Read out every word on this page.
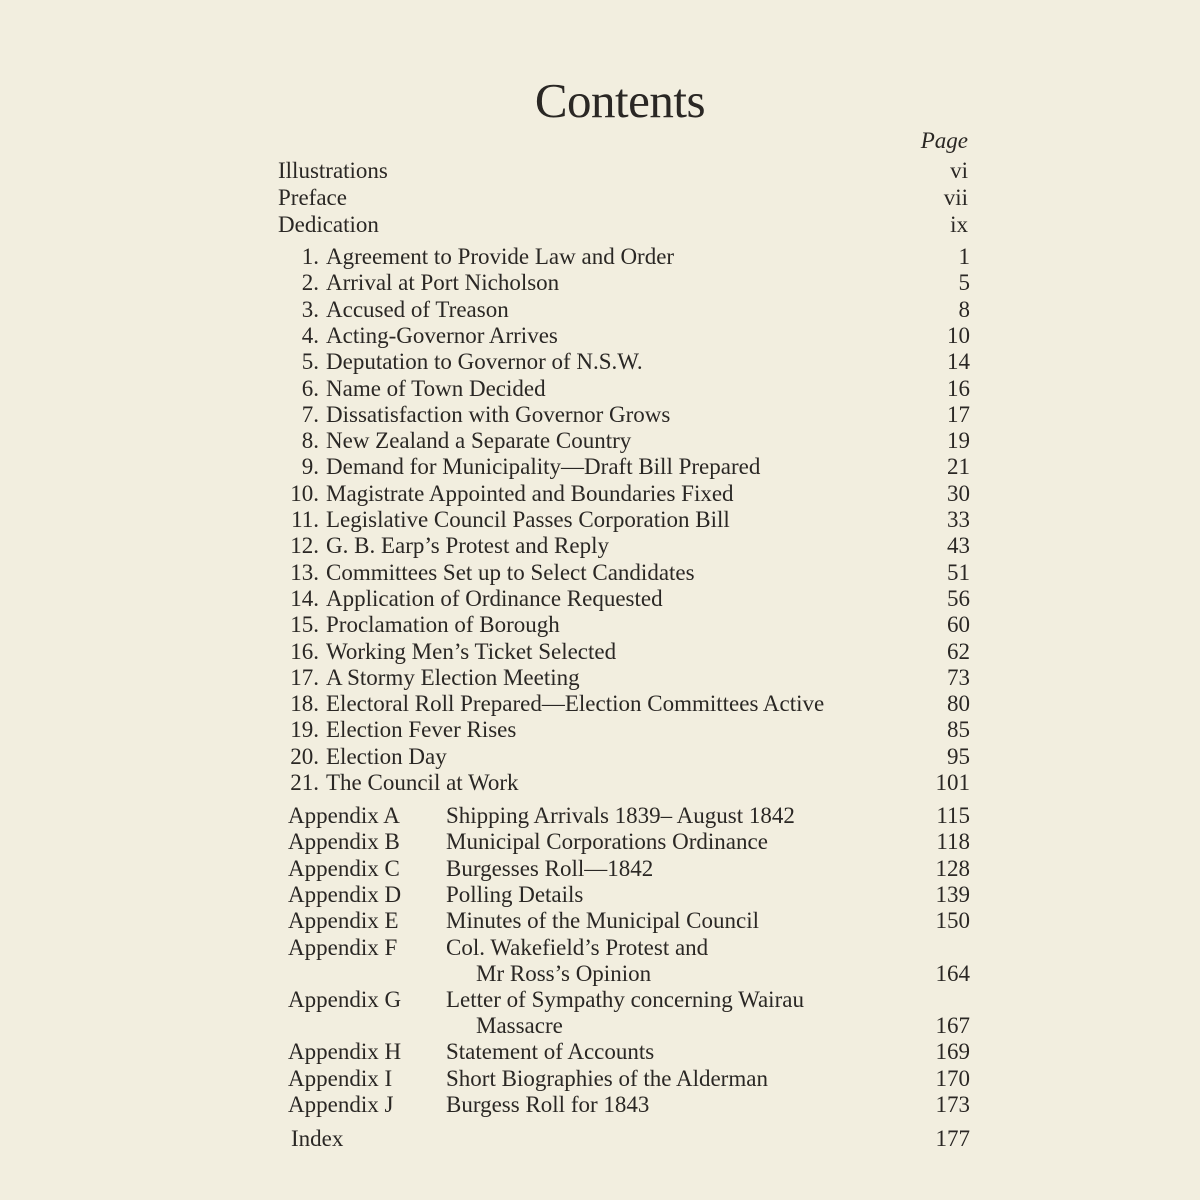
Contents
Page
Illustrations	vi
Preface	vii
Dedication	ix
1. Agreement to Provide Law and Order	1
2. Arrival at Port Nicholson	5
3. Accused of Treason	8
4. Acting-Governor Arrives	10
5. Deputation to Governor of N.S.W.	14
6. Name of Town Decided	16
7. Dissatisfaction with Governor Grows	17
8. New Zealand a Separate Country	19
9. Demand for Municipality—Draft Bill Prepared	21
10. Magistrate Appointed and Boundaries Fixed	30
11. Legislative Council Passes Corporation Bill	33
12. G. B. Earp’s Protest and Reply	43
13. Committees Set up to Select Candidates	51
14. Application of Ordinance Requested	56
15. Proclamation of Borough	60
16. Working Men’s Ticket Selected	62
17. A Stormy Election Meeting	73
18. Electoral Roll Prepared—Election Committees Active	80
19. Election Fever Rises	85
20. Election Day	95
21. The Council at Work	101
Appendix A Shipping Arrivals 1839– August 1842	115
Appendix B Municipal Corporations Ordinance	118
Appendix C Burgesses Roll—1842	128
Appendix D Polling Details	139
Appendix E Minutes of the Municipal Council	150
Appendix F Col. Wakefield’s Protest and
Mr Ross’s Opinion	164
Appendix G Letter of Sympathy concerning Wairau
Massacre	167
Appendix H Statement of Accounts	169
Appendix I Short Biographies of the Alderman	170
Appendix J Burgess Roll for 1843	173
Index	177
